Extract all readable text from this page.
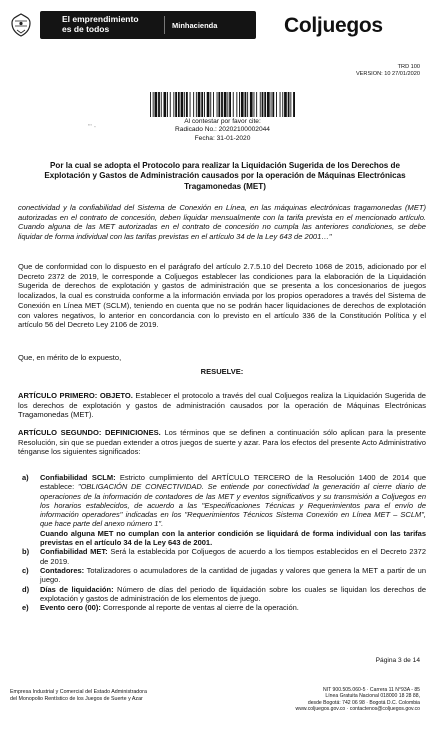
El emprendimiento
es de todos	Minhacienda	Coljuegos
TRD 100
VERSION: 10 27/01/2020
Al contestar por favor cite:
Radicado No.: 20202100002044
Fecha: 31-01-2020
"' -
Por la cual se adopta el Protocolo para realizar la Liquidación Sugerida de los Derechos de Explotación y Gastos de Administración causados por la operación de Máquinas Electrónicas Tragamonedas (MET)
conectividad y la confiabilidad del Sistema de Conexión en Línea, en las máquinas electrónicas tragamonedas (MET) autorizadas en el contrato de concesión, deben liquidar mensualmente con la tarifa prevista en el mencionado artículo. Cuando alguna de las MET autorizadas en el contrato de concesión no cumpla las anteriores condiciones, se debe liquidar de forma individual con las tarifas previstas en el artículo 34 de la Ley 643 de 2001…"
Que de conformidad con lo dispuesto en el parágrafo del artículo 2.7.5.10 del Decreto 1068 de 2015, adicionado por el Decreto 2372 de 2019, le corresponde a Coljuegos establecer las condiciones para la elaboración de la Liquidación Sugerida de derechos de explotación y gastos de administración que se presenta a los concesionarios de juegos localizados, la cual es construida conforme a la información enviada por los propios operadores a través del Sistema de Conexión en Línea MET (SCLM), teniendo en cuenta que no se podrán hacer liquidaciones de derechos de explotación con valores negativos, lo anterior en concordancia con lo previsto en el artículo 336 de la Constitución Política y el artículo 56 del Decreto Ley 2106 de 2019.
Que, en mérito de lo expuesto,
RESUELVE:
ARTÍCULO PRIMERO: OBJETO. Establecer el protocolo a través del cual Coljuegos realiza la Liquidación Sugerida de los derechos de explotación y gastos de administración causados por la operación de Máquinas Electrónicas Tragamonedas (MET).
ARTÍCULO SEGUNDO: DEFINICIONES. Los términos que se definen a continuación sólo aplican para la presente Resolución, sin que se puedan extender a otros juegos de suerte y azar. Para los efectos del presente Acto Administrativo ténganse los siguientes significados:
a)	Confiabilidad SCLM: Estricto cumplimiento del ARTÍCULO TERCERO de la Resolución 1400 de 2014 que establece: "OBLIGACIÓN DE CONECTIVIDAD. Se entiende por conectividad la generación al cierre diario de operaciones de la información de contadores de las MET y eventos significativos y su transmisión a Coljuegos en los horarios establecidos, de acuerdo a las "Especificaciones Técnicas y Requerimientos para el envío de información operadores" indicadas en los "Requerimientos Técnicos Sistema Conexión en Línea MET – SCLM", que hace parte del anexo número 1".
Cuando alguna MET no cumplan con la anterior condición se liquidará de forma individual con las tarifas previstas en el artículo 34 de la Ley 643 de 2001.
b)	Confiabilidad MET: Será la establecida por Coljuegos de acuerdo a los tiempos establecidos en el Decreto 2372 de 2019.
c)	Contadores: Totalizadores o acumuladores de la cantidad de jugadas y valores que genera la MET a partir de un juego.
d)	Días de liquidación: Número de días del periodo de liquidación sobre los cuales se liquidan los derechos de explotación y gastos de administración de los elementos de juego.
e)	Evento cero (00): Corresponde al reporte de ventas al cierre de la operación.
Página 3 de 14
Empresa Industrial y Comercial del Estado Administradora
del Monopolio Rentístico de los Juegos de Suerte y Azar
NIT 900.505.060-5 · Carrera 11 N°93A - 85
Línea Gratuita Nacional 018000 18 28 88,
desde Bogotá: 742 06 98 · Bogotá D.C. Colombia
www.coljuegos.gov.co · contactenos@coljuegos.gov.co
